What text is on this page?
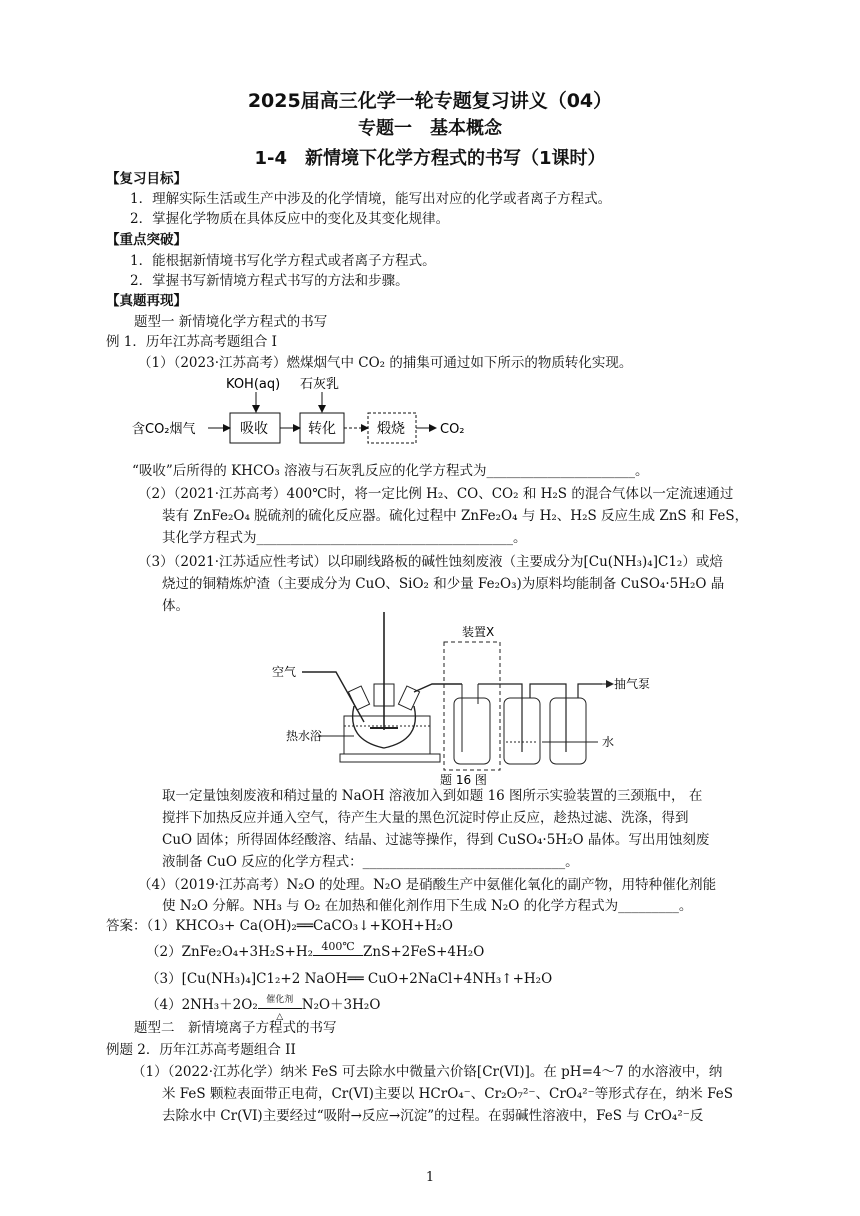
2025届高三化学一轮专题复习讲义（04）
专题一　基本概念
1-4　新情境下化学方程式的书写（1课时）
【复习目标】
1．理解实际生活或生产中涉及的化学情境，能写出对应的化学或者离子方程式。
2．掌握化学物质在具体反应中的变化及其变化规律。
【重点突破】
1．能根据新情境书写化学方程式或者离子方程式。
2．掌握书写新情境方程式书写的方法和步骤。
【真题再现】
题型一 新情境化学方程式的书写
例 1．历年江苏高考题组合 I
（1）（2023·江苏高考）燃煤烟气中 CO₂ 的捕集可通过如下所示的物质转化实现。
KOH(aq) 石灰乳
含CO₂烟气	吸收	转化	煅烧	CO₂
“吸收”后所得的 KHCO₃ 溶液与石灰乳反应的化学方程式为______________________。
（2）（2021·江苏高考）400℃时，将一定比例 H₂、CO、CO₂ 和 H₂S 的混合气体以一定流速通过
装有 ZnFe₂O₄ 脱硫剂的硫化反应器。硫化过程中 ZnFe₂O₄ 与 H₂、H₂S 反应生成 ZnS 和 FeS，
其化学方程式为______________________________________。
（3）（2021·江苏适应性考试）以印刷线路板的碱性蚀刻废液（主要成分为[Cu(NH₃)₄]C1₂）或焙
烧过的铜精炼炉渣（主要成分为 CuO、SiO₂ 和少量 Fe₂O₃)为原料均能制备 CuSO₄·5H₂O 晶
体。
空气
热水浴
装置X
抽气泵
水
题 16 图
取一定量蚀刻废液和稍过量的 NaOH 溶液加入到如题 16 图所示实验装置的三颈瓶中， 在
搅拌下加热反应并通入空气，待产生大量的黑色沉淀时停止反应，趁热过滤、洗涤，得到
CuO 固体；所得固体经酸溶、结晶、过滤等操作，得到 CuSO₄·5H₂O 晶体。写出用蚀刻废
液制备 CuO 反应的化学方程式：______________________________。
（4）（2019·江苏高考）N₂O 的处理。N₂O 是硝酸生产中氨催化氧化的副产物，用特种催化剂能
使 N₂O 分解。NH₃ 与 O₂ 在加热和催化剂作用下生成 N₂O 的化学方程式为_________。
答案：（1）KHCO₃+ Ca(OH)₂══CaCO₃↓+KOH+H₂O
（2）ZnFe₂O₄+3H₂S+H₂ 400℃ ZnS+2FeS+4H₂O
（3）[Cu(NH₃)₄]C1₂+2 NaOH══ CuO+2NaCl+4NH₃↑+H₂O
（4）2NH₃＋2O₂ 催化剂
△
N₂O＋3H₂O
题型二　新情境离子方程式的书写
例题 2．历年江苏高考题组合 II
（1）（2022·江苏化学）纳米 FeS 可去除水中微量六价铬[Cr(VI)]。在 pH=4～7 的水溶液中，纳
米 FeS 颗粒表面带正电荷，Cr(VI)主要以 HCrO₄⁻、Cr₂O₇²⁻、CrO₄²⁻等形式存在，纳米 FeS
去除水中 Cr(VI)主要经过“吸附→反应→沉淀”的过程。在弱碱性溶液中，FeS 与 CrO₄²⁻反
1
